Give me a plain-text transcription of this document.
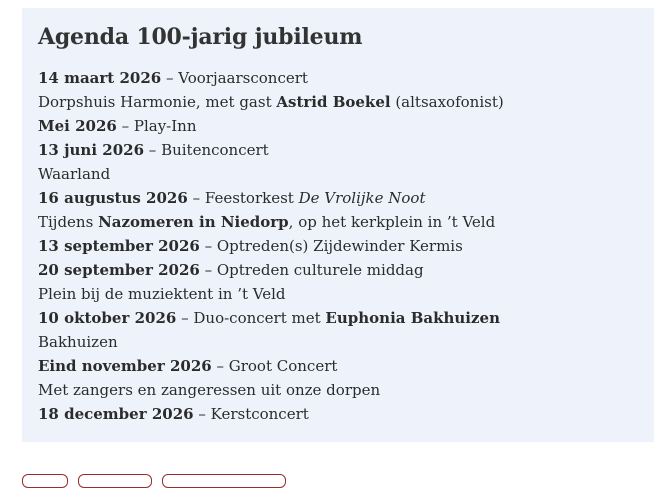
Agenda 100-jarig jubileum
14 maart 2026 – Voorjaarsconcert
Dorpshuis Harmonie, met gast Astrid Boekel (altsaxofonist)
Mei 2026 – Play-Inn
13 juni 2026 – Buitenconcert
Waarland
16 augustus 2026 – Feestorkest De Vrolijke Noot
Tijdens Nazomeren in Niedorp, op het kerkplein in ’t Veld
13 september 2026 – Optreden(s) Zijdewinder Kermis
20 september 2026 – Optreden culturele middag
Plein bij de muziektent in ’t Veld
10 oktober 2026 – Duo-concert met Euphonia Bakhuizen
Bakhuizen
Eind november 2026 – Groot Concert
Met zangers en zangeressen uit onze dorpen
18 december 2026 – Kerstconcert
